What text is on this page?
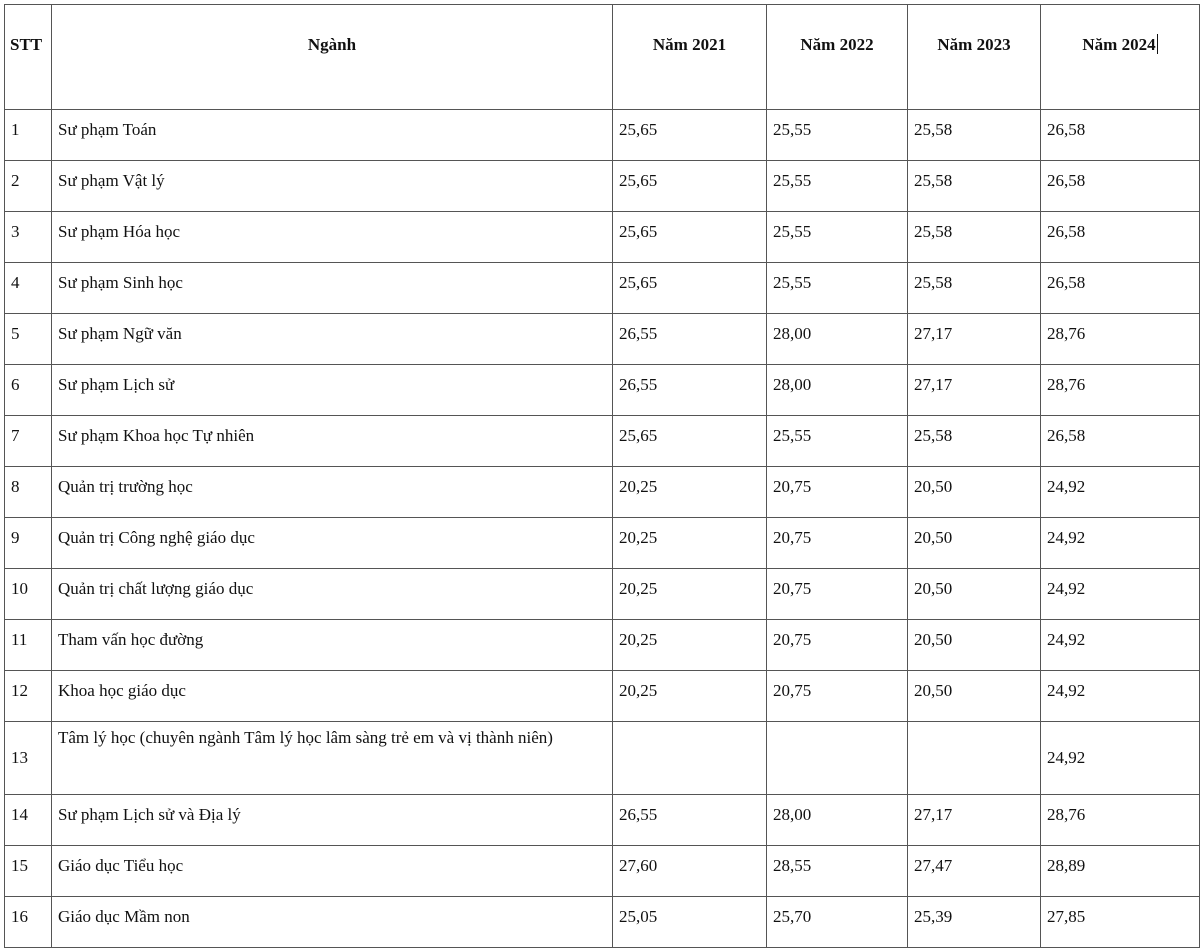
STT	Ngành	Năm 2021	Năm 2022	Năm 2023	Năm 2024
1	Sư phạm Toán	25,65	25,55	25,58	26,58
2	Sư phạm Vật lý	25,65	25,55	25,58	26,58
3	Sư phạm Hóa học	25,65	25,55	25,58	26,58
4	Sư phạm Sinh học	25,65	25,55	25,58	26,58
5	Sư phạm Ngữ văn	26,55	28,00	27,17	28,76
6	Sư phạm Lịch sử	26,55	28,00	27,17	28,76
7	Sư phạm Khoa học Tự nhiên	25,65	25,55	25,58	26,58
8	Quản trị trường học	20,25	20,75	20,50	24,92
9	Quản trị Công nghệ giáo dục	20,25	20,75	20,50	24,92
10	Quản trị chất lượng giáo dục	20,25	20,75	20,50	24,92
11	Tham vấn học đường	20,25	20,75	20,50	24,92
12	Khoa học giáo dục	20,25	20,75	20,50	24,92
13	Tâm lý học (chuyên ngành Tâm lý học lâm sàng trẻ em và vị thành niên)				24,92
14	Sư phạm Lịch sử và Địa lý	26,55	28,00	27,17	28,76
15	Giáo dục Tiểu học	27,60	28,55	27,47	28,89
16	Giáo dục Mầm non	25,05	25,70	25,39	27,85
